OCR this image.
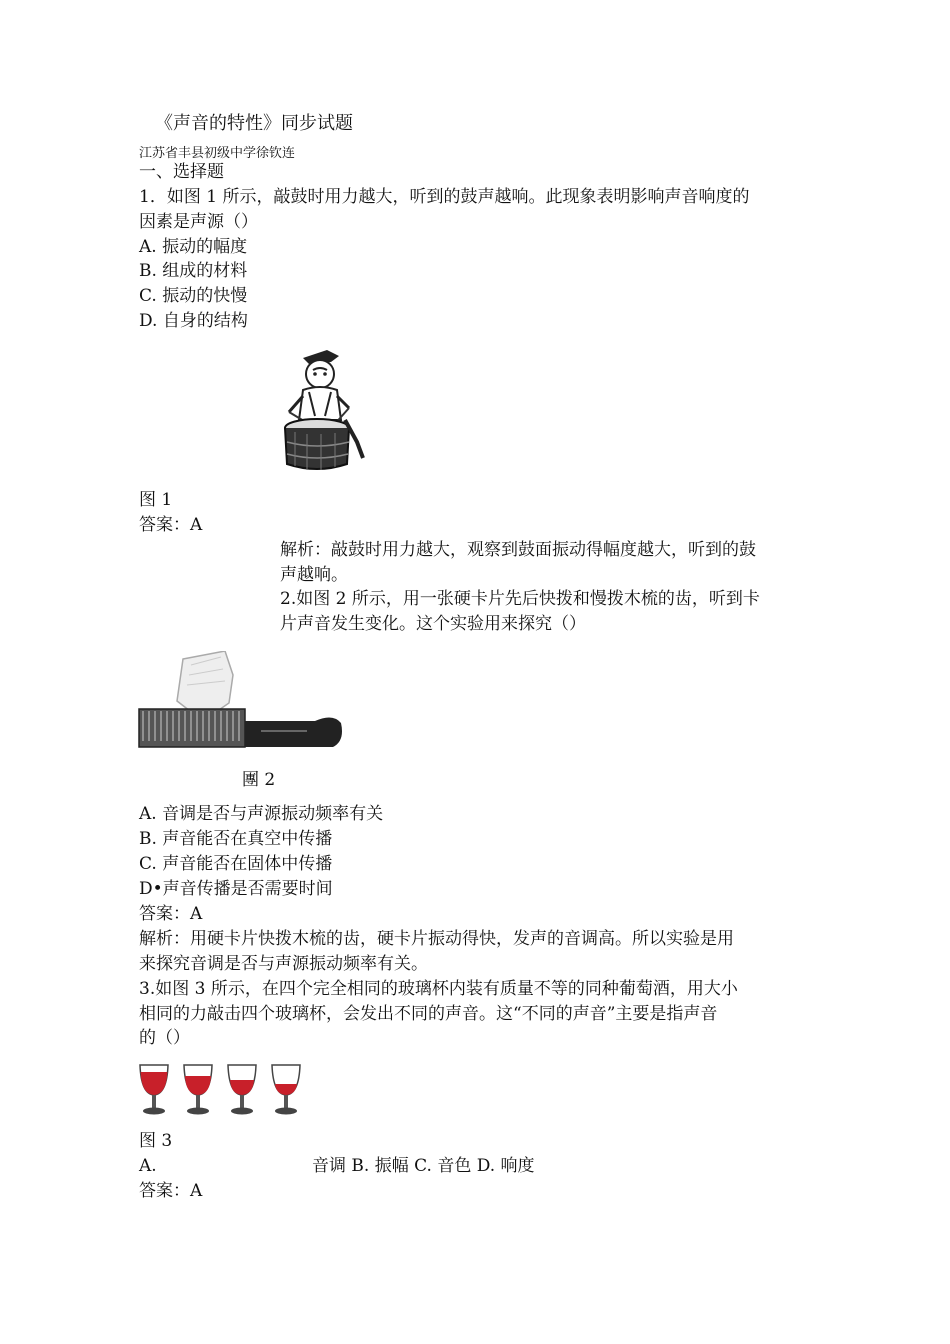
《声音的特性》同步试题
江苏省丰县初级中学徐钦连
一、选择题
1．如图 1 所示，敲鼓时用力越大，听到的鼓声越响。此现象表明影响声音响度的
因素是声源（）
A. 振动的幅度
B. 组成的材料
C. 振动的快慢
D. 自身的结构
图 1
答案：A
解析：敲鼓时用力越大，观察到鼓面振动得幅度越大，听到的鼓
声越响。
2.如图 2 所示，用一张硬卡片先后快拨和慢拨木梳的齿，听到卡
片声音发生变化。这个实验用来探究（）
團 2
A. 音调是否与声源振动频率有关
B. 声音能否在真空中传播
C. 声音能否在固体中传播
D•声音传播是否需要时间
答案：A
解析：用硬卡片快拨木梳的齿，硬卡片振动得快，发声的音调高。所以实验是用
来探究音调是否与声源振动频率有关。
3.如图 3 所示，在四个完全相同的玻璃杯内装有质量不等的同种葡萄酒，用大小
相同的力敲击四个玻璃杯，会发出不同的声音。这“不同的声音”主要是指声音
的（）
图 3
A.	音调 B. 振幅 C. 音色 D. 响度
答案：A
